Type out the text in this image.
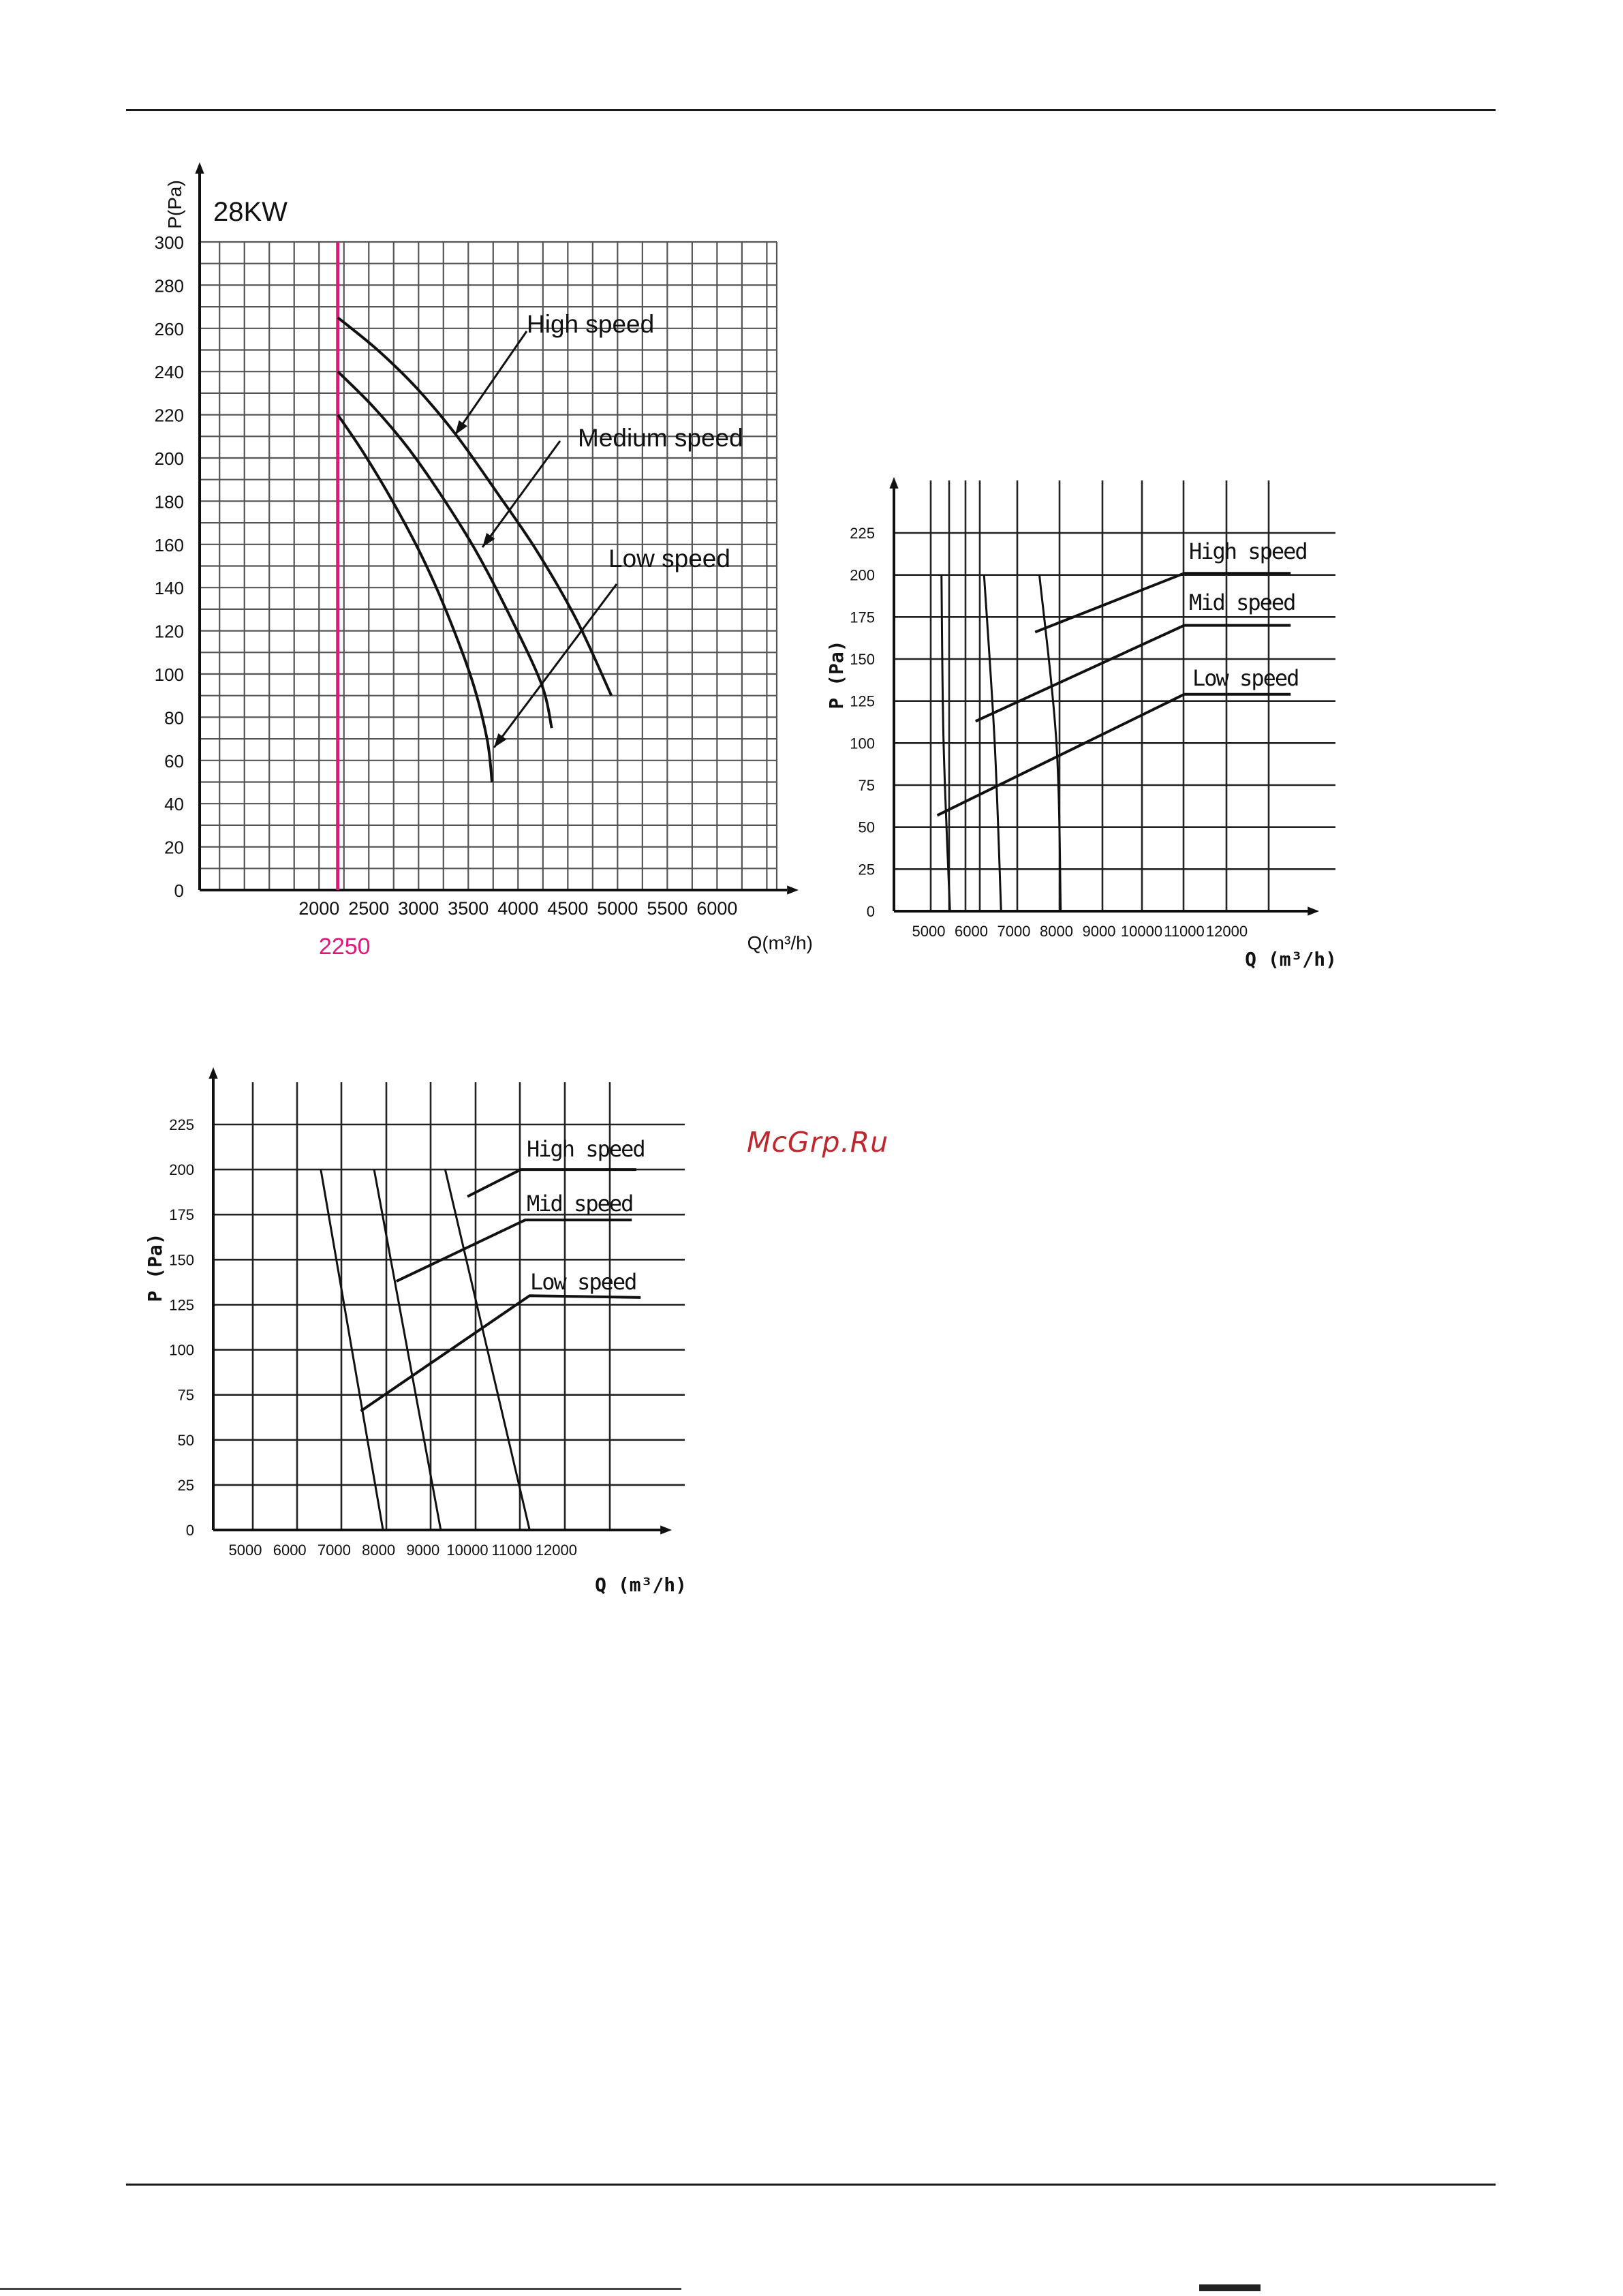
McGrp.Ru
0
20
40
60
80
100
120
140
160
180
200
220
240
260
280
300
2000 2500 3000 3500 4000 4500 5000 5500 6000
Q(m³/h)
P(Pa) 28KW
2250
High speed
Medium speed
Low speed
0
25
50
75
100
125
150
175
200
225
5000 6000 7000 8000 9000 10000 11000 12000
Q (m³/h)
P (Pa)
High speed
Mid speed
Low speed
0
25
50
75
100
125
150
175
200
225
5000 6000 7000 8000 9000 10000 11000 12000
Q (m³/h)
P (Pa)
High speed
Mid speed
Low speed
